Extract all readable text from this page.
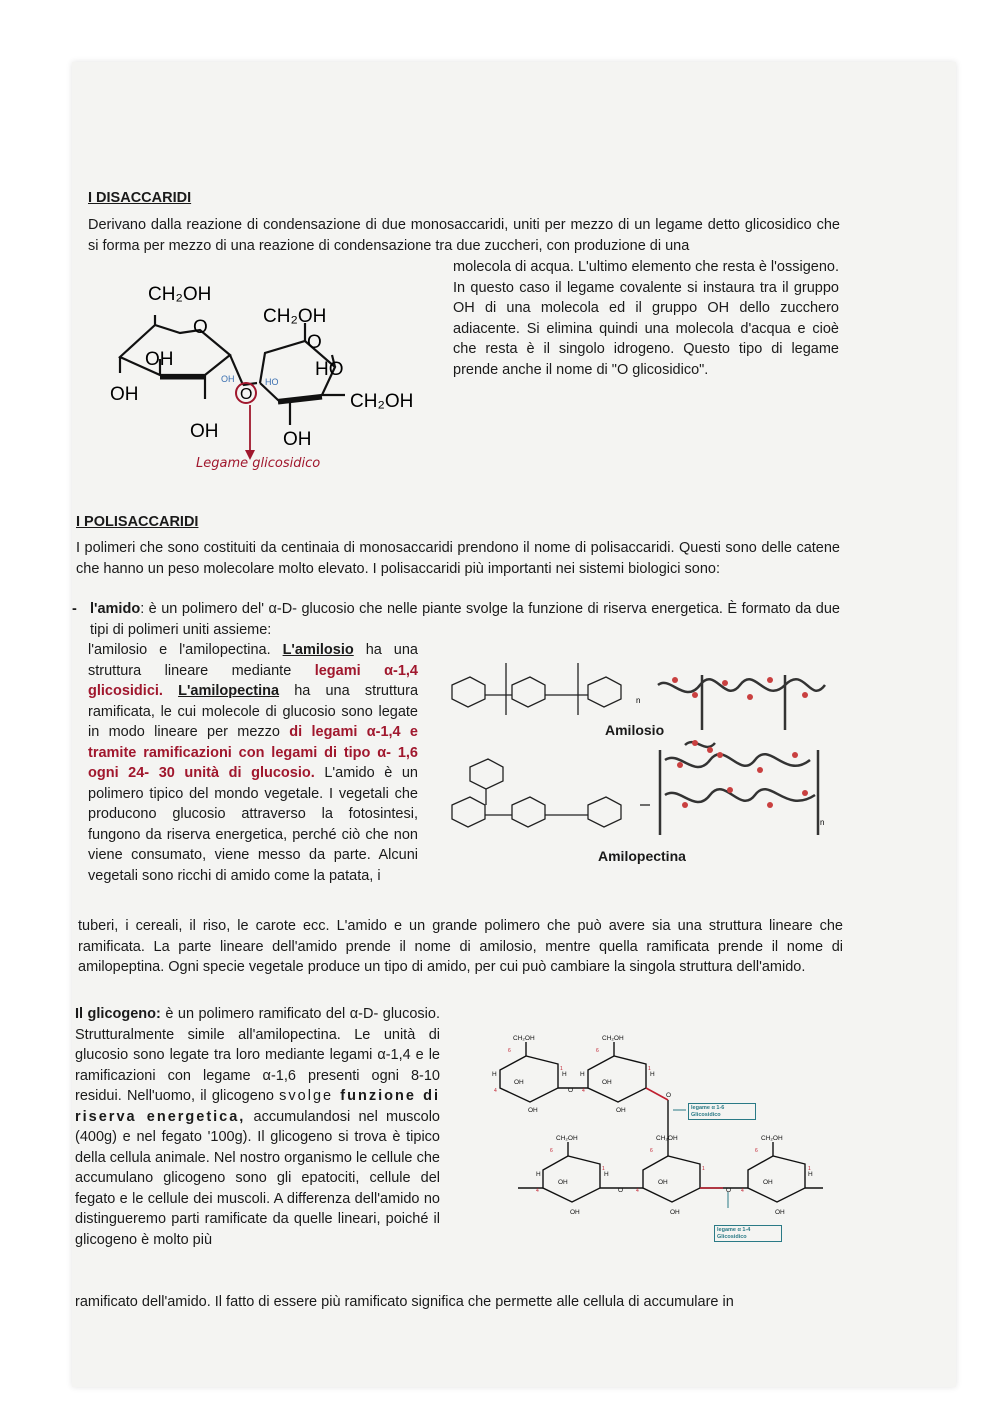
I DISACCARIDI
Derivano dalla reazione di condensazione di due monosaccaridi, uniti per mezzo di un legame detto glicosidico che si forma per mezzo di una reazione di condensazione tra due zuccheri, con produzione di una
molecola di acqua. L'ultimo elemento che resta è l'ossigeno. In questo caso il legame covalente si instaura tra il gruppo OH di una molecola ed il gruppo OH dello zucchero adiacente. Si elimina quindi una molecola d'acqua e cioè che resta è il singolo idrogeno. Questo tipo di legame prende anche il nome di "O glicosidico".
CH₂OH
O
OH
OH
OH
CH₂OH
O
HO
CH₂OH
OH
O
OH	HO
Legame glicosidico
I POLISACCARIDI
I polimeri che sono costituiti da centinaia di monosaccaridi prendono il nome di polisaccaridi. Questi sono delle catene che hanno un peso molecolare molto elevato. I polisaccaridi più importanti nei sistemi biologici sono:
- l'amido: è un polimero del' α-D- glucosio che nelle piante svolge la funzione di riserva energetica. È formato da due tipi di polimeri uniti assieme:
l'amilosio e l'amilopectina. L'amilosio ha una struttura lineare mediante legami α-1,4 glicosidici. L'amilopectina ha una struttura ramificata, le cui molecole di glucosio sono legate in modo lineare per mezzo di legami α-1,4 e tramite ramificazioni con legami di tipo α- 1,6 ogni 24- 30 unità di glucosio. L'amido è un polimero tipico del mondo vegetale. I vegetali che producono glucosio attraverso la fotosintesi, fungono da riserva energetica, perché ciò che non viene consumato, viene messo da parte. Alcuni vegetali sono ricchi di amido come la patata, i
tuberi, i cereali, il riso, le carote ecc. L'amido e un grande polimero che può avere sia una struttura lineare che ramificata. La parte lineare dell'amido prende il nome di amilosio, mentre quella ramificata prende il nome di amilopeptina. Ogni specie vegetale produce un tipo di amido, per cui può cambiare la singola struttura dell'amido.
n
n
Amilosio
Amilopectina
Il glicogeno: è un polimero ramificato del α-D- glucosio. Strutturalmente simile all'amilopectina. Le unità di glucosio sono legate tra loro mediante legami α-1,4 e le ramificazioni con legame α-1,6 presenti ogni 8-10 residui. Nell'uomo, il glicogeno svolge funzione di riserva energetica, accumulandosi nel muscolo (400g) e nel fegato '100g). Il glicogeno si trova è tipico della cellula animale. Nel nostro organismo le cellule che accumulano glicogeno sono gli epatociti, cellule del fegato e le cellule dei muscoli. A differenza dell'amido no distingueremo parti ramificate da quelle lineari, poiché il glicogeno è molto più
ramificato dell'amido. Il fatto di essere più ramificato significa che permette alle cellula di accumulare in
CH₂OH	CH₂OH
CH₂OH	CH₂OH	CH₂OH
OH	OH
OH	OH	OH
OH	OH
OH	OH	OH
O
O
O	O
H	H H	H
H	H	H
6	6
6	6	6
4	4
4	4	4
1	1
1	1	1
legame α 1-6 Glicosidico
legame α 1-4 Glicosidico
